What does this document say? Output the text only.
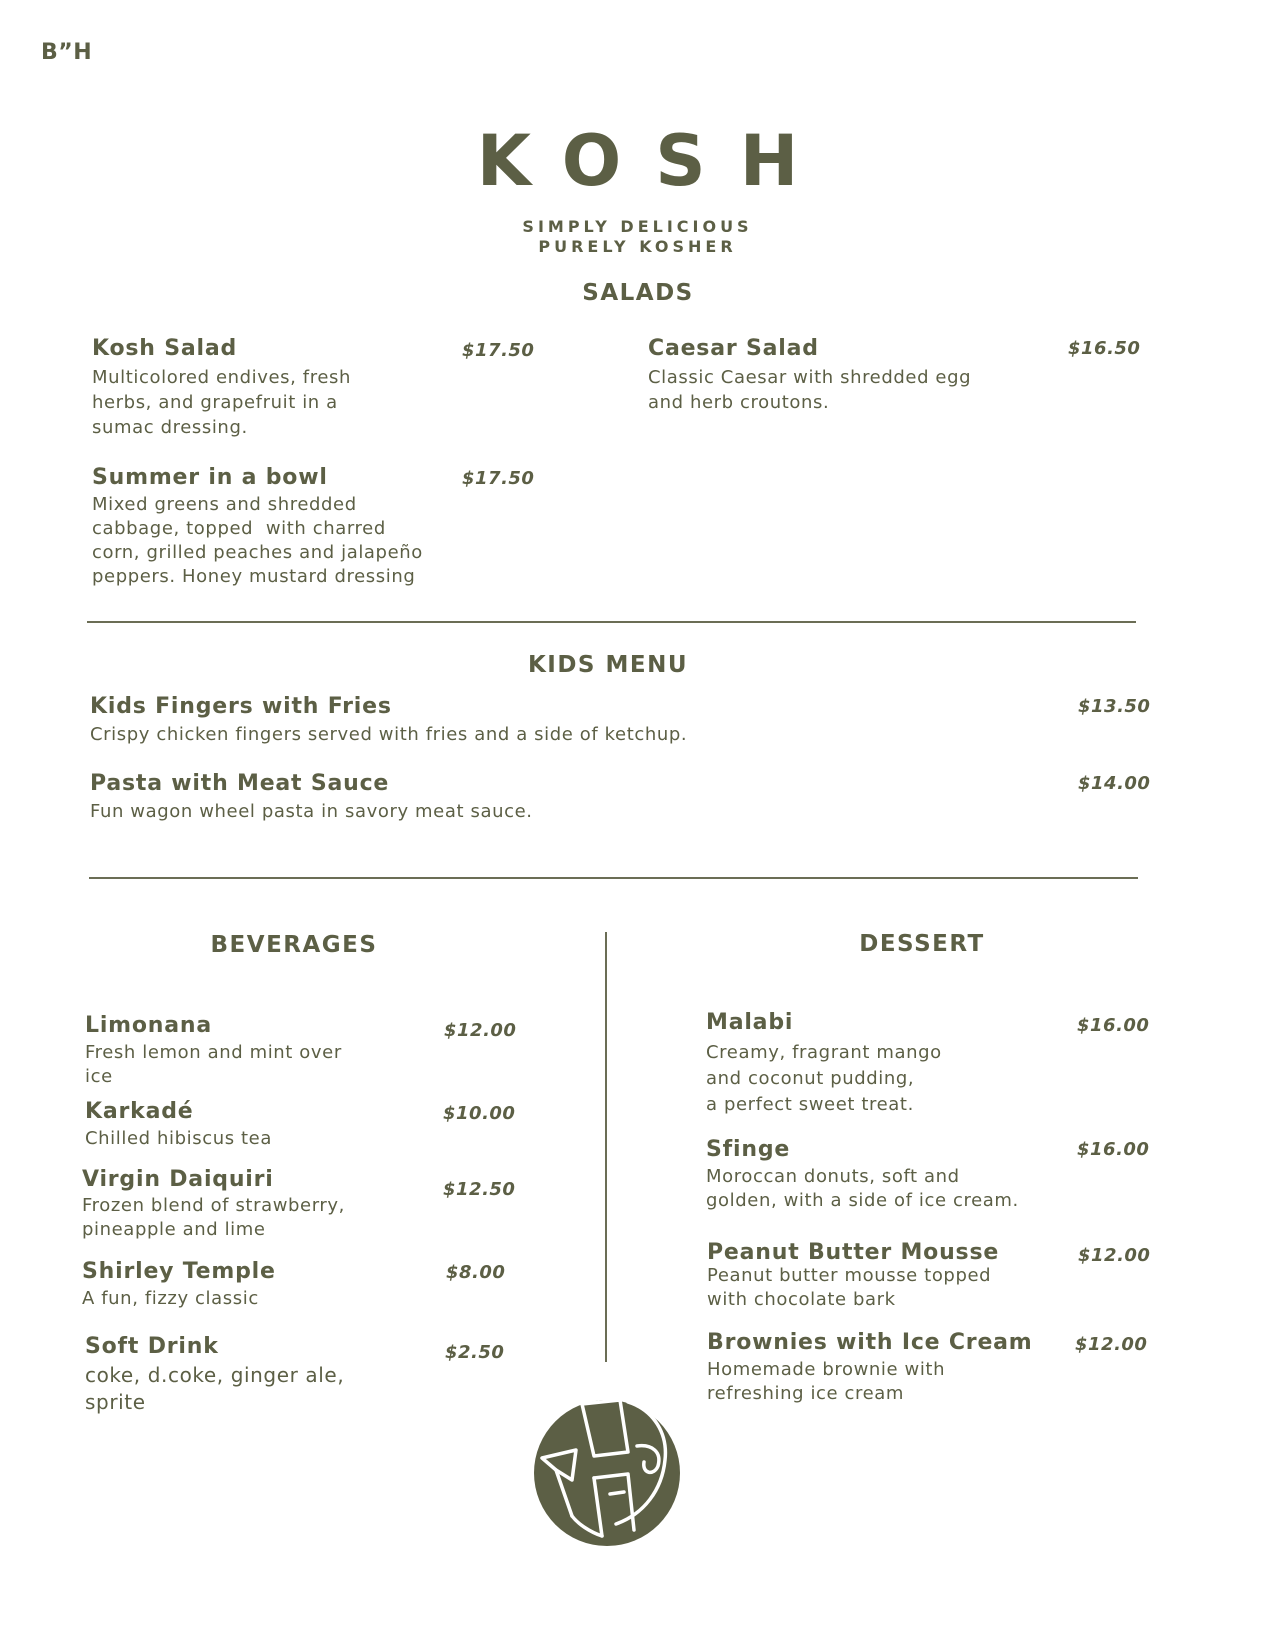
B”H
KOSH
SIMPLY DELICIOUS
PURELY KOSHER
SALADS
Kosh Salad	$17.50
Multicolored endives, fresh
herbs, and grapefruit in a
sumac dressing.
Caesar Salad	$16.50
Classic Caesar with shredded egg
and herb croutons.
Summer in a bowl	$17.50
Mixed greens and shredded
cabbage, topped  with charred
corn, grilled peaches and jalapeño
peppers. Honey mustard dressing
KIDS MENU
Kids Fingers with Fries	$13.50
Crispy chicken fingers served with fries and a side of ketchup.
Pasta with Meat Sauce	$14.00
Fun wagon wheel pasta in savory meat sauce.
BEVERAGES
Limonana	$12.00
Fresh lemon and mint over
ice
Karkadé	$10.00
Chilled hibiscus tea
Virgin Daiquiri	$12.50
Frozen blend of strawberry,
pineapple and lime
Shirley Temple	$8.00
A fun, fizzy classic
Soft Drink	$2.50
coke, d.coke, ginger ale,
sprite
DESSERT
Malabi	$16.00
Creamy, fragrant mango
and coconut pudding,
a perfect sweet treat.
Sfinge	$16.00
Moroccan donuts, soft and
golden, with a side of ice cream.
Peanut Butter Mousse	$12.00
Peanut butter mousse topped
with chocolate bark
Brownies with Ice Cream $12.00
Homemade brownie with
refreshing ice cream
